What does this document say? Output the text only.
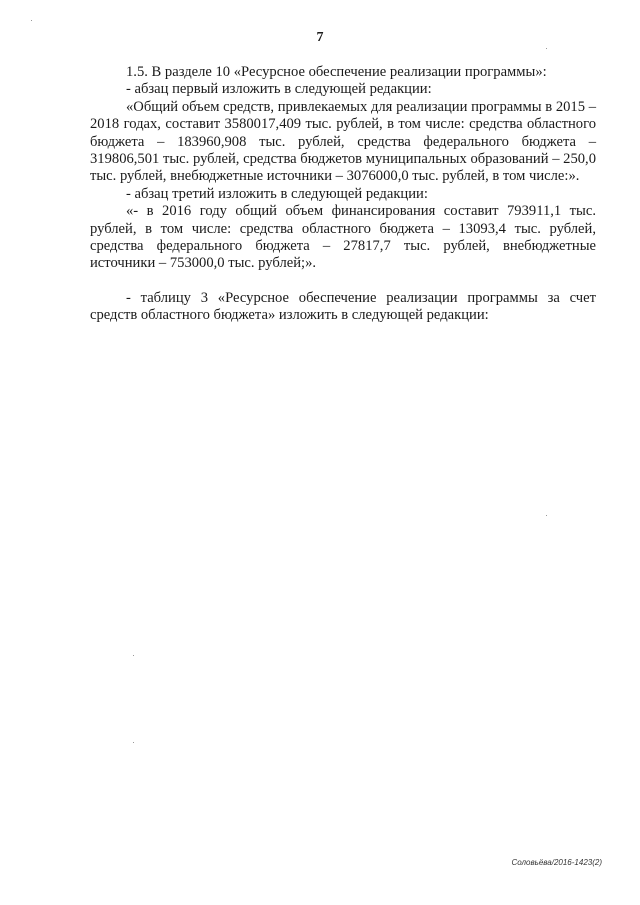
7

1.5. В разделе 10 «Ресурсное обеспечение реализации программы»:

- абзац первый изложить в следующей редакции:

«Общий объем средств, привлекаемых для реализации программы в 2015 – 2018 годах, составит 3580017,409 тыс. рублей, в том числе: средства областного бюджета – 183960,908 тыс. рублей, средства федерального бюджета – 319806,501 тыс. рублей, средства бюджетов муниципальных образований – 250,0 тыс. рублей, внебюджетные источники – 3076000,0 тыс. рублей, в том числе:».

- абзац третий изложить в следующей редакции:

«- в 2016 году общий объем финансирования составит 793911,1 тыс. рублей, в том числе: средства областного бюджета – 13093,4 тыс. рублей, средства федерального бюджета – 27817,7 тыс. рублей, внебюджетные источники – 753000,0 тыс. рублей;».

- таблицу 3 «Ресурсное обеспечение реализации программы за счет средств областного бюджета» изложить в следующей редакции:

Соловьёва/2016-1423(2)
